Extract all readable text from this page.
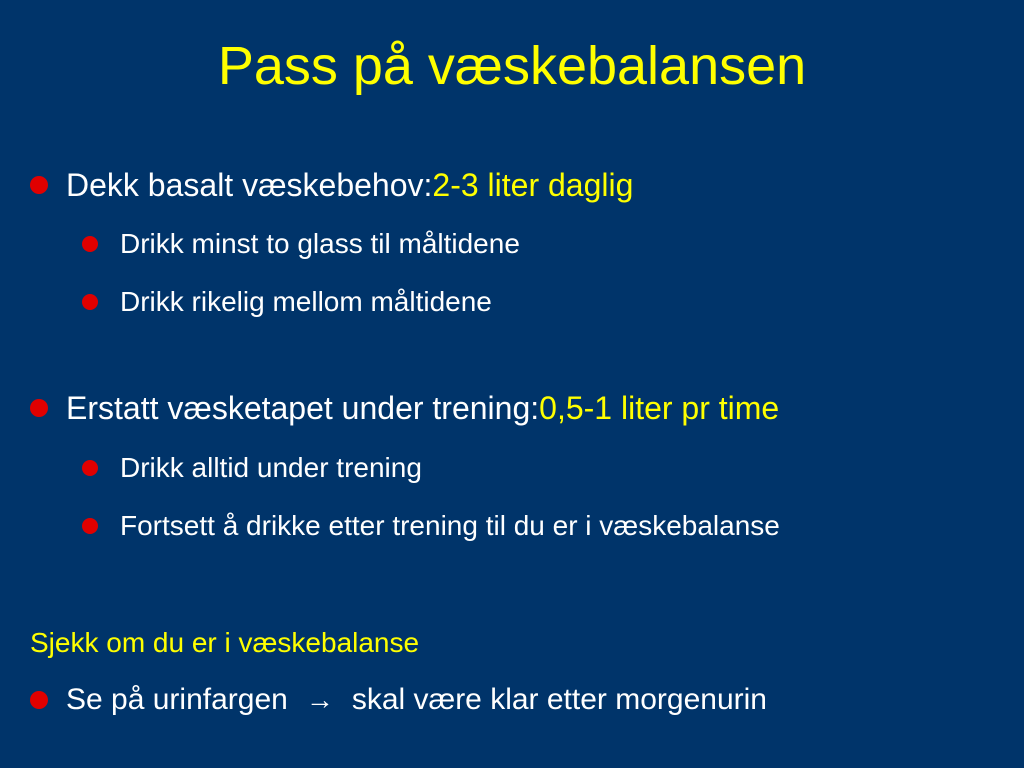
Pass på væskebalansen
Dekk basalt væskebehov: 2-3 liter daglig
Drikk minst to glass til måltidene
Drikk rikelig mellom måltidene
Erstatt væsketapet under trening: 0,5-1 liter pr time
Drikk alltid under trening
Fortsett å drikke etter trening til du er i væskebalanse
Sjekk om du er i væskebalanse
Se på urinfargen → skal være klar etter morgenurin
